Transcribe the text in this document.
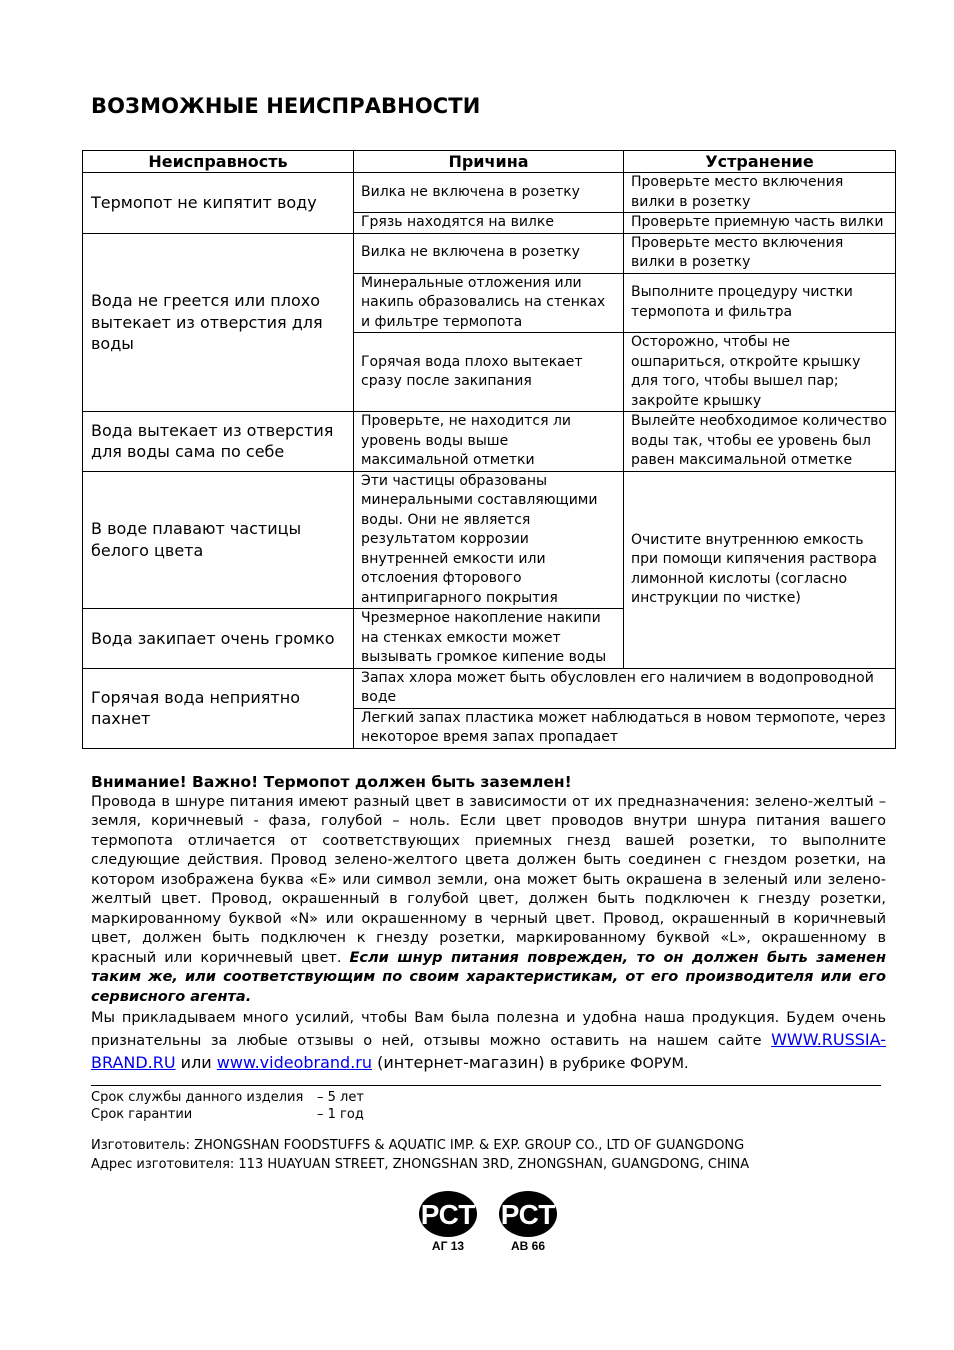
ВОЗМОЖНЫЕ НЕИСПРАВНОСТИ
Неисправность	Причина	Устранение
Термопот не кипятит воду	Вилка не включена в розетку	Проверьте место включения вилки в розетку
	Грязь находятся на вилке	Проверьте приемную часть вилки
Вода не греется или плохо вытекает из отверстия для воды	Вилка не включена в розетку	Проверьте место включения вилки в розетку
	Минеральные отложения или накипь образовались на стенках и фильтре термопота	Выполните процедуру чистки термопота и фильтра
	Горячая вода плохо вытекает сразу после закипания	Осторожно, чтобы не ошпариться, откройте крышку для того, чтобы вышел пар; закройте крышку
Вода вытекает из отверстия для воды сама по себе	Проверьте, не находится ли уровень воды выше максимальной отметки	Вылейте необходимое количество воды так, чтобы ее уровень был равен максимальной отметке
В воде плавают частицы белого цвета	Эти частицы образованы минеральными составляющими воды. Они не является результатом коррозии внутренней емкости или отслоения фторового антипригарного покрытия	Очистите внутреннюю емкость при помощи кипячения раствора лимонной кислоты (согласно инструкции по чистке)
Вода закипает очень громко	Чрезмерное накопление накипи на стенках емкости может вызывать громкое кипение воды	
Горячая вода неприятно пахнет	Запах хлора может быть обусловлен его наличием в водопроводной воде	
	Легкий запах пластика может наблюдаться в новом термопоте, через некоторое время запах пропадает	

Внимание! Важно! Термопот должен быть заземлен!

Провода в шнуре питания имеют разный цвет в зависимости от их предназначения: зелено-желтый – земля, коричневый - фаза, голубой – ноль. Если цвет проводов внутри шнура питания вашего термопота отличается от соответствующих приемных гнезд вашей розетки, то выполните следующие действия. Провод зелено-желтого цвета должен быть соединен с гнездом розетки, на котором изображена буква «E» или символ земли, она может быть окрашена в зеленый или зелено-желтый цвет. Провод, окрашенный в голубой цвет, должен быть подключен к гнезду розетки, маркированному буквой «N» или окрашенному в черный цвет. Провод, окрашенный в коричневый цвет, должен быть подключен к гнезду розетки, маркированному буквой «L», окрашенному в красный или коричневый цвет. Если шнур питания поврежден, то он должен быть заменен таким же, или соответствующим по своим характеристикам, от его производителя или его сервисного агента.

Мы прикладываем много усилий, чтобы Вам была полезна и удобна наша продукция. Будем очень признательны за любые отзывы о ней, отзывы можно оставить на нашем сайте WWW.RUSSIA-BRAND.RU или www.videobrand.ru (интернет-магазин) в рубрике ФОРУМ.

Срок службы данного изделия	– 5 лет
Срок гарантии	– 1 год
Изготовитель: ZHONGSHAN FOODSTUFFS & AQUATIC IMP. & EXP. GROUP CO., LTD OF GUANGDONG
Адрес изготовителя: 113 HUAYUAN STREET, ZHONGSHAN 3RD, ZHONGSHAN, GUANGDONG, CHINA
РСТ
АГ 13
РСТ
АВ 66
